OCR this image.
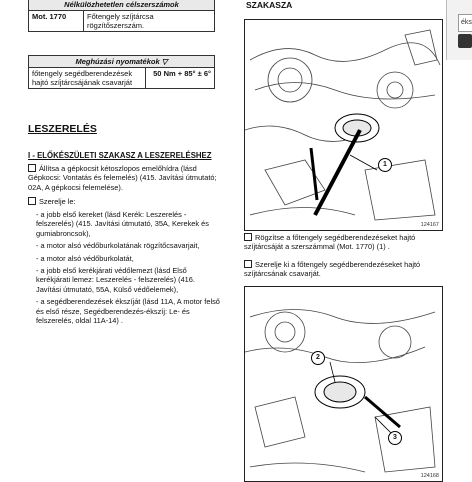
Nélkülözhetetlen célszerszámok
Mot. 1770	Főtengely szíjtárcsa rögzítőszerszám.
Meghúzási nyomatékok ▽
főtengely segédberendezések hajtó szíjtárcsájának csavarját	50 Nm + 85° ± 6°
LESZERELÉS
I - ELŐKÉSZÜLETI SZAKASZ A LESZERELÉSHEZ
Állítsa a gépkocsit kétoszlopos emelőhídra (lásd Gépkocsi: Vontatás és felemelés) (415. Javítási útmutató; 02A, A gépkocsi felemelése).
Szerelje le:
- a jobb első kereket (lásd Kerék: Leszerelés - felszerelés) (415. Javítási útmutató, 35A, Kerekek és gumiabroncsok),
- a motor alsó védőburkolatának rögzítőcsavarjait,
- a motor alsó védőburkolatát,
- a jobb első kerékjárati védőlemezt (lásd Első kerékjárati lemez: Leszerelés - felszerelés) (416. Javítási útmutató, 55A, Külső védőelemek),
- a segédberendezések ékszíját (lásd 11A, A motor felső és első része, Segédberendezés-ékszíj: Le- és felszerelés, oldal 11A-14) .
SZAKASZA
1
124167
Rögzítse a főtengely segédberendezéseket hajtó szíjtárcsáját a szerszámmal (Mot. 1770) (1) .
Szerelje ki a főtengely segédberendezéseket hajtó szíjtárcsának csavarját.
2
3
124168
éks
